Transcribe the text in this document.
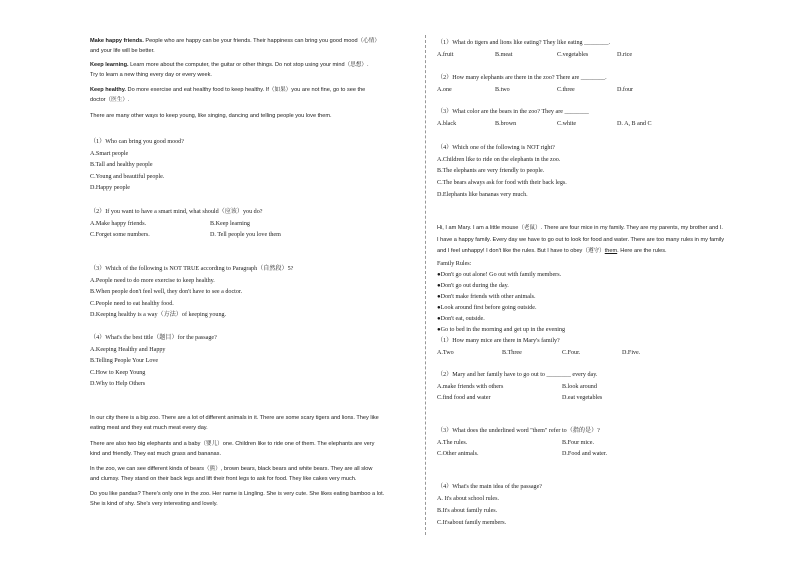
Make happy friends. People who are happy can be your friends. Their happiness can bring you good mood（心情）
and your life will be better.
Keep learning. Learn more about the computer, the guitar or other things. Do not stop using your mind（思想）.
Try to learn a new thing every day or every week.
Keep healthy. Do more exercise and eat healthy food to keep healthy. If（如果）you are not fine, go to see the
doctor（医生）.
There are many other ways to keep young, like singing, dancing and telling people you love them.
（1）Who can bring you good mood?
A.Smart people
B.Tall and healthy people
C.Young and beautiful people.
D.Happy people
（2）If you want to have a smart mind, what should（应该）you do?
A.Make happy friends.	B.Keep learning
C.Forget some numbers.	D. Tell people you love them
（3）Which of the following is NOT TRUE according to Paragraph（自然段）5?
A.People need to do more exercise to keep healthy.
B.When people don't feel well, they don't have to see a doctor.
C.People need to eat healthy food.
D.Keeping healthy is a way（方法）of keeping young.
（4）What's the best title（题目）for the passage?
A.Keeping Healthy and Happy
B.Telling People Your Love
C.How to Keep Young
D.Why to Help Others
In our city there is a big zoo. There are a lot of different animals in it. There are some scary tigers and lions. They like
eating meat and they eat much meat every day.
There are also two big elephants and a baby（婴儿）one. Children like to ride one of them. The elephants are very
kind and friendly. They eat much grass and bananas.
In the zoo, we can see different kinds of bears（熊）, brown bears, black bears and white bears. They are all slow
and clumsy. They stand on their back legs and lift their front legs to ask for food. They like cakes very much.
Do you like pandas? There's only one in the zoo. Her name is Lingling. She is very cute. She likes eating bamboo a lot.
She is kind of shy. She's very interesting and lovely.
（1）What do tigers and lions like eating? They like eating ________.
A.fruit	B.meat	C.vegetables	D.rice
（2）How many elephants are there in the zoo? There are ________.
A.one	B.two	C.three	D.four
（3）What color are the bears in the zoo? They are ________
A.black	B.brown	C.white	D. A, B and C
（4）Which one of the following is NOT right?
A.Children like to ride on the elephants in the zoo.
B.The elephants are very friendly to people.
C.The bears always ask for food with their back legs.
D.Elephants like bananas very much.
Hi, I am Mary. I am a little mouse（老鼠）. There are four mice in my family. They are my parents, my brother and I.
I have a happy family. Every day we have to go out to look for food and water. There are too many rules in my family
and I feel unhappy! I don't like the rules. But I have to obey（遵守）them. Here are the rules.
Family Rules:
●Don't go out alone! Go out with family members.
●Don't go out during the day.
●Don't make friends with other animals.
●Look around first before going outside.
●Don't eat, outside.
●Go to bed in the morning and get up in the evening
（1）How many mice are there in Mary's family?
A.Two	B.Three	C.Four.	D.Five.
（2）Mary and her family have to go out to ________ every day.
A.make friends with others	B.look around
C.find food and water	D.eat vegetables
（3）What does the underlined word "them" refer to（指的是）?
A.The rules.	B.Four mice.
C.Other animals.	D.Food and water.
（4）What's the main idea of the passage?
A. It's about school rules.
B.It's about family rules.
C.It'sabout family members.
